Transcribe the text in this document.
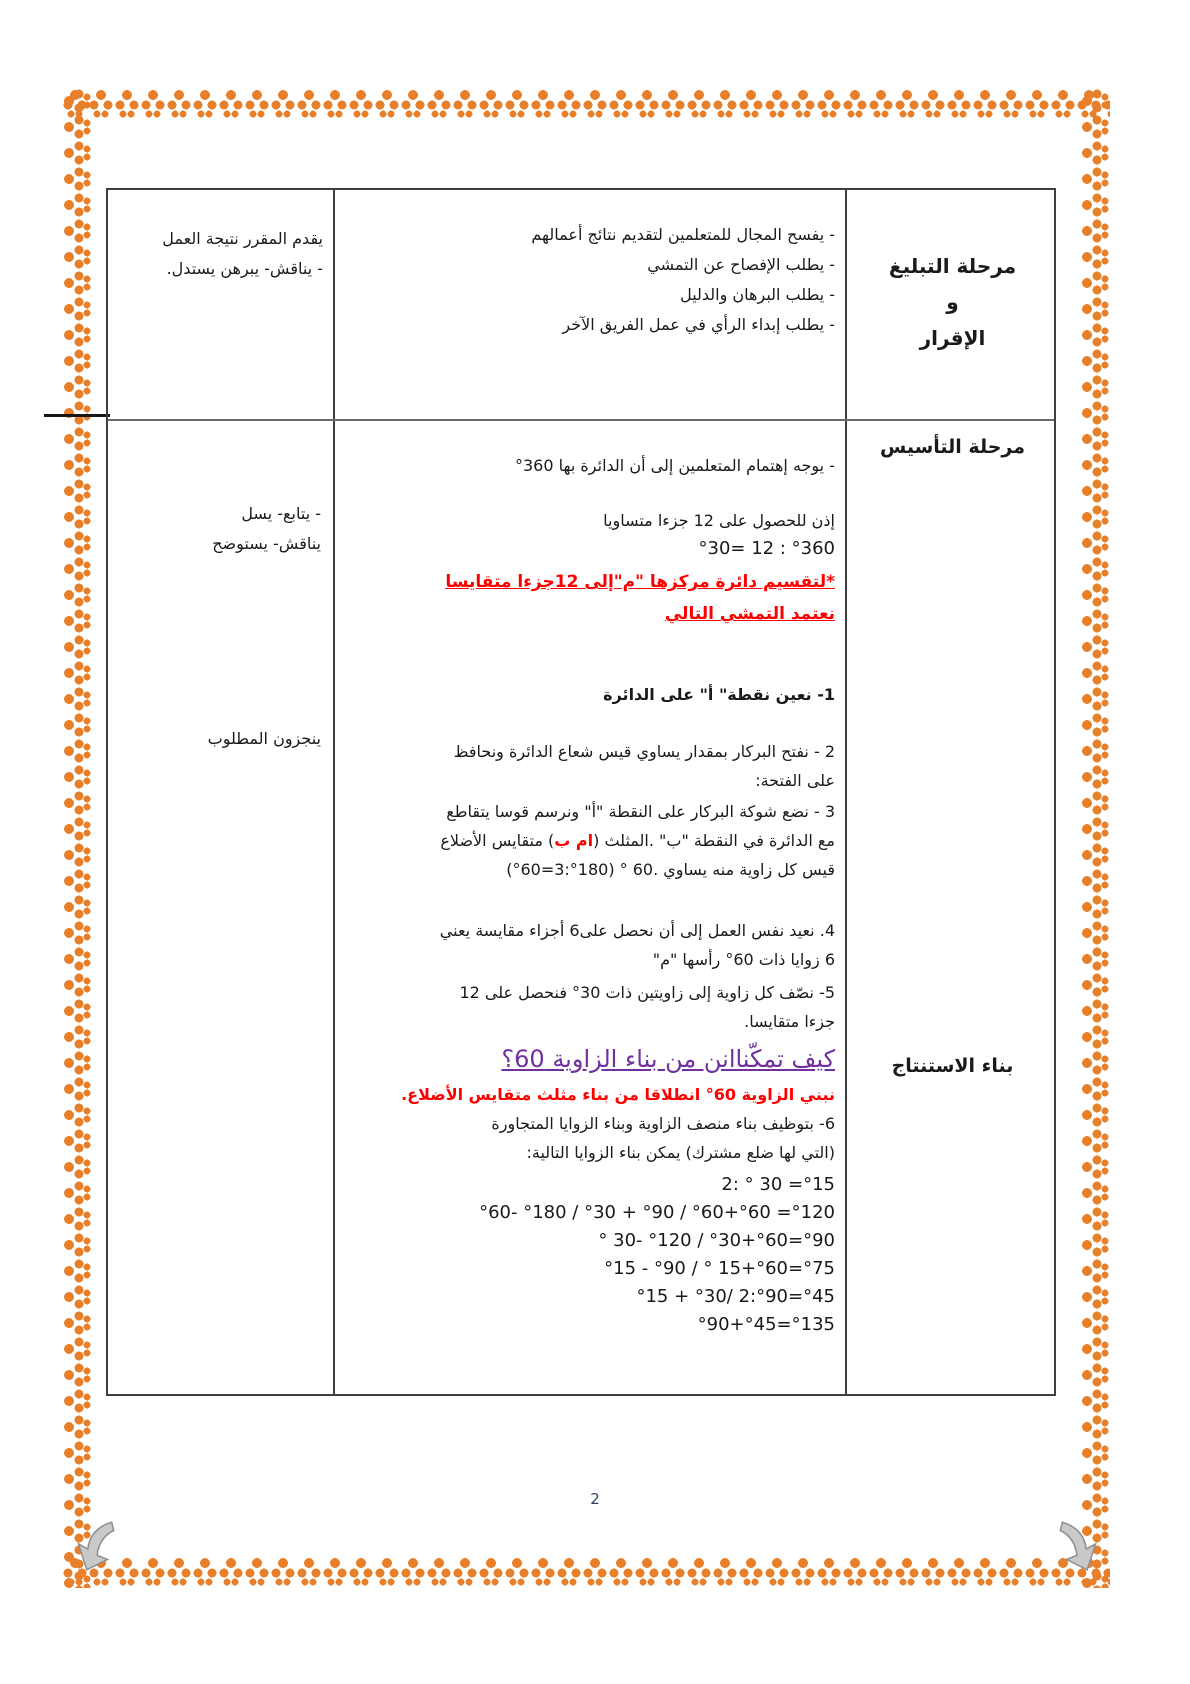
مرحلة التبليغ
و
الإقرار
- يفسح المجال للمتعلمين لتقديم نتائج أعمالهم
- يطلب الإفصاح عن التمشي
- يطلب البرهان والدليل
- يطلب إبداء الرأي في عمل الفريق الآخر
يقدم المقرر نتيجة العمل
- يناقش- يبرهن يستدل.
مرحلة التأسيس
بناء الاستنتاج
- يوجه إهتمام المتعلمين إلى أن الدائرة بها 360°
إذن للحصول على 12 جزءا متساويا
°30= 12 : °360
*لتقسيم دائرة مركزها "م"إلى 12جزءا متقايسا
نعتمد التمشي التالي
1- نعين نقطة" أ" على الدائرة
2 - نفتح البركار بمقدار يساوي قيس شعاع الدائرة ونحافظ
على الفتحة:
3 - نضع شوكة البركار على النقطة "أ" ونرسم قوسا يتقاطع
مع الدائرة في النقطة "ب" .المثلث (ام ب) متقايس الأضلاع
قيس كل زاوية منه يساوي .60 ° (°60=3:°180)
4. نعيد نفس العمل إلى أن نحصل على6 أجزاء مقايسة يعني
6 زوايا ذات 60° رأسها "م"
5- نصّف كل زاوية إلى زاويتين ذات 30° فنحصل على 12
جزءا متقايسا.
كيف تمكّناانن من بناء الزاوية 60؟
نبني الزاوية 60° انطلاقا من بناء مثلث متقايس الأضلاع.
6- بتوظيف بناء منصف الزاوية وبناء الزوايا المتجاورة
(التي لها ضلع مشترك) يمكن بناء الزوايا التالية:
2: ° 30 =°15
°60- °180 / °30 + °90 / °60+°60 =°120
° 30- °120 / °30+°60=°90
°15 - °90 / ° 15+°60=°75
°15 + °30/ 2:°90=°45
°90+°45=°135
- يتابع- يسل
يناقش- يستوضح
ينجزون المطلوب
2
